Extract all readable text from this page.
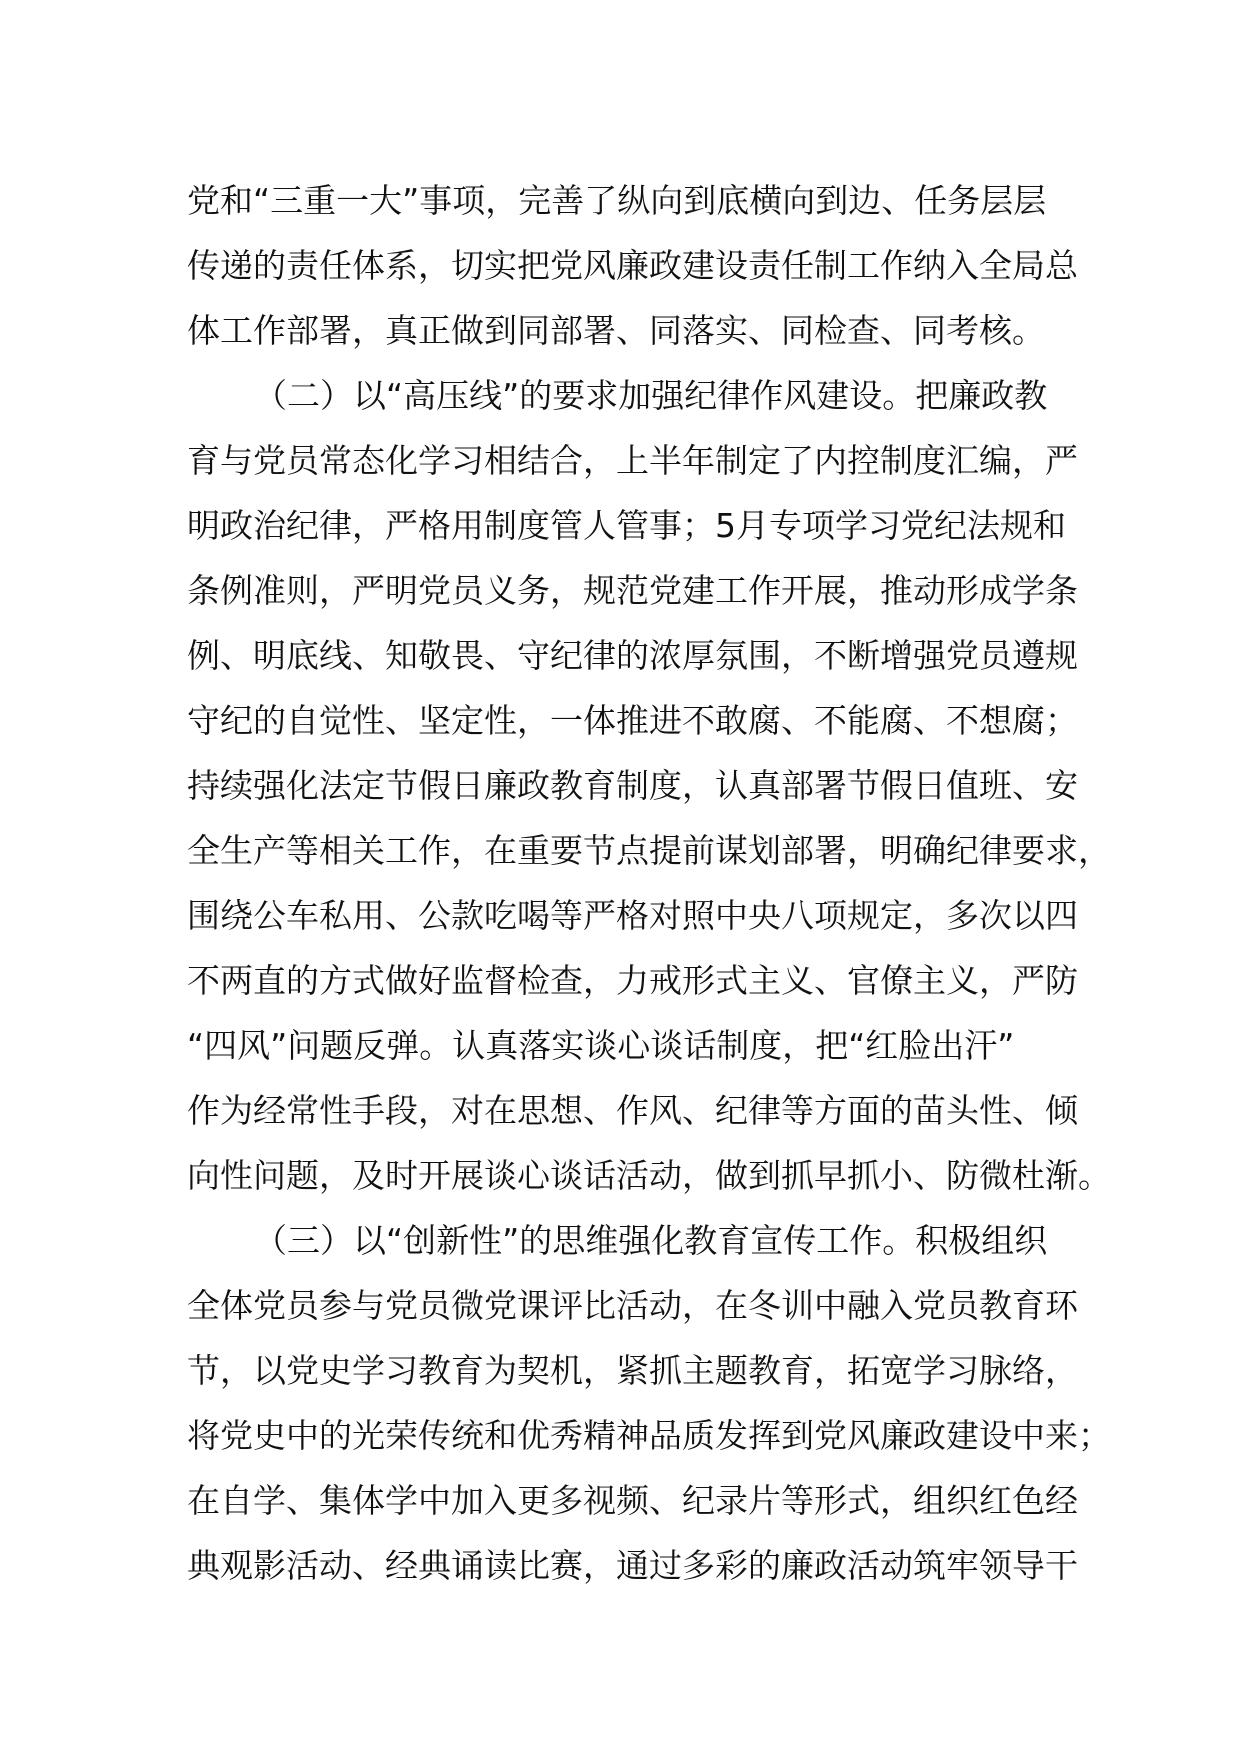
党和“三重一大”事项，完善了纵向到底横向到边、任务层层
传递的责任体系，切实把党风廉政建设责任制工作纳入全局总
体工作部署，真正做到同部署、同落实、同检查、同考核。
（二）以“高压线”的要求加强纪律作风建设。把廉政教
育与党员常态化学习相结合，上半年制定了内控制度汇编，严
明政治纪律，严格用制度管人管事；5月专项学习党纪法规和
条例准则，严明党员义务，规范党建工作开展，推动形成学条
例、明底线、知敬畏、守纪律的浓厚氛围，不断增强党员遵规
守纪的自觉性、坚定性，一体推进不敢腐、不能腐、不想腐；
持续强化法定节假日廉政教育制度，认真部署节假日值班、安
全生产等相关工作，在重要节点提前谋划部署，明确纪律要求，
围绕公车私用、公款吃喝等严格对照中央八项规定，多次以四
不两直的方式做好监督检查，力戒形式主义、官僚主义，严防
“四风”问题反弹。认真落实谈心谈话制度，把“红脸出汗”
作为经常性手段，对在思想、作风、纪律等方面的苗头性、倾
向性问题，及时开展谈心谈话活动，做到抓早抓小、防微杜渐。
（三）以“创新性”的思维强化教育宣传工作。积极组织
全体党员参与党员微党课评比活动，在冬训中融入党员教育环
节，以党史学习教育为契机，紧抓主题教育，拓宽学习脉络，
将党史中的光荣传统和优秀精神品质发挥到党风廉政建设中来；
在自学、集体学中加入更多视频、纪录片等形式，组织红色经
典观影活动、经典诵读比赛，通过多彩的廉政活动筑牢领导干
